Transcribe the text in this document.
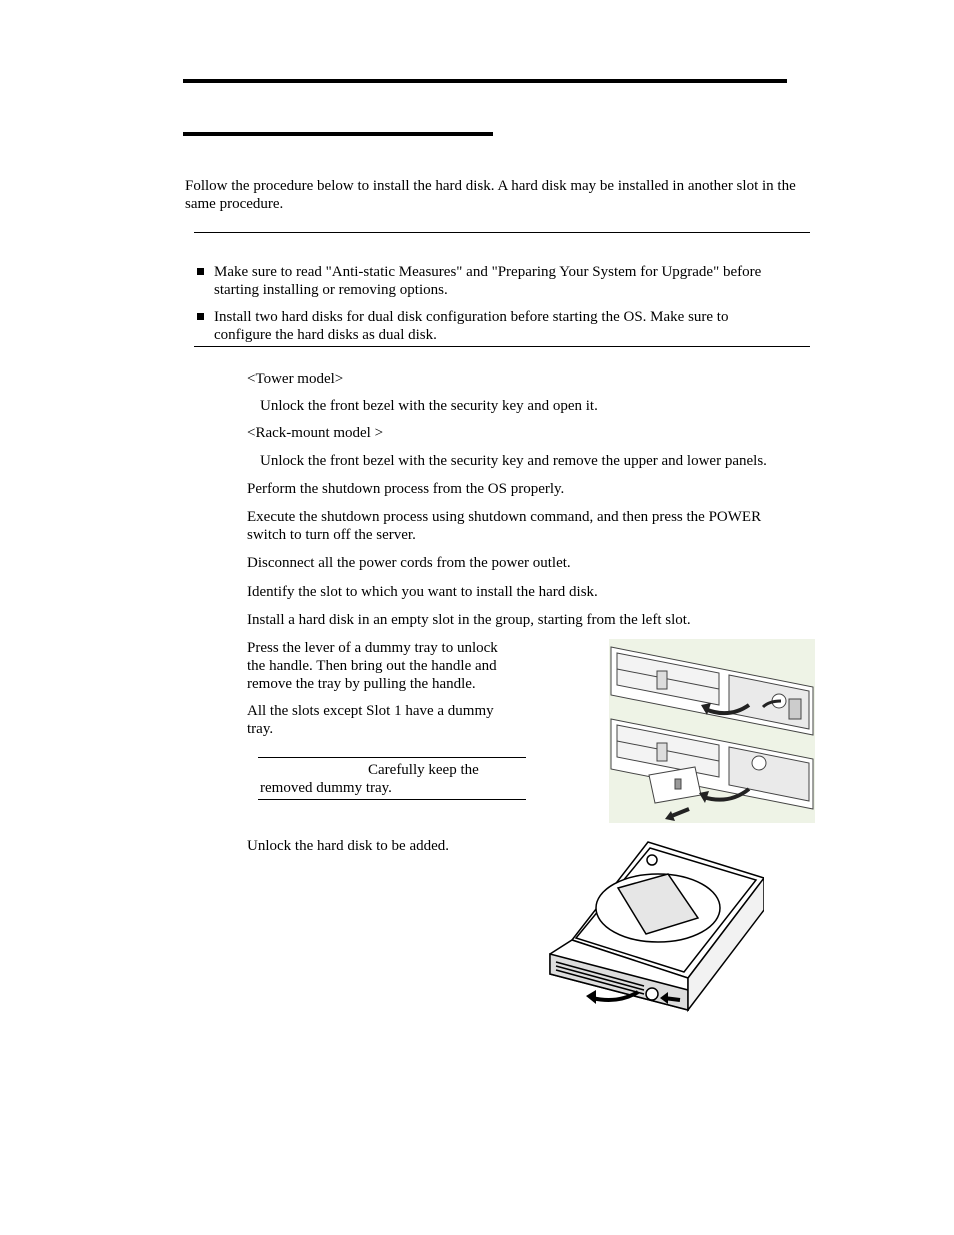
Follow the procedure below to install the hard disk. A hard disk may be installed in another slot in the same procedure.
Make sure to read "Anti-static Measures" and "Preparing Your System for Upgrade" before starting installing or removing options.
Install two hard disks for dual disk configuration before starting the OS. Make sure to configure the hard disks as dual disk.
<Tower model>
Unlock the front bezel with the security key and open it.
<Rack-mount model >
Unlock the front bezel with the security key and remove the upper and lower panels.
Perform the shutdown process from the OS properly.
Execute the shutdown process using shutdown command, and then press the POWER switch to turn off the server.
Disconnect all the power cords from the power outlet.
Identify the slot to which you want to install the hard disk.
Install a hard disk in an empty slot in the group, starting from the left slot.
Press the lever of a dummy tray to unlock the handle. Then bring out the handle and remove the tray by pulling the handle.
All the slots except Slot 1 have a dummy tray.
Carefully keep the removed dummy tray.
Unlock the hard disk to be added.
